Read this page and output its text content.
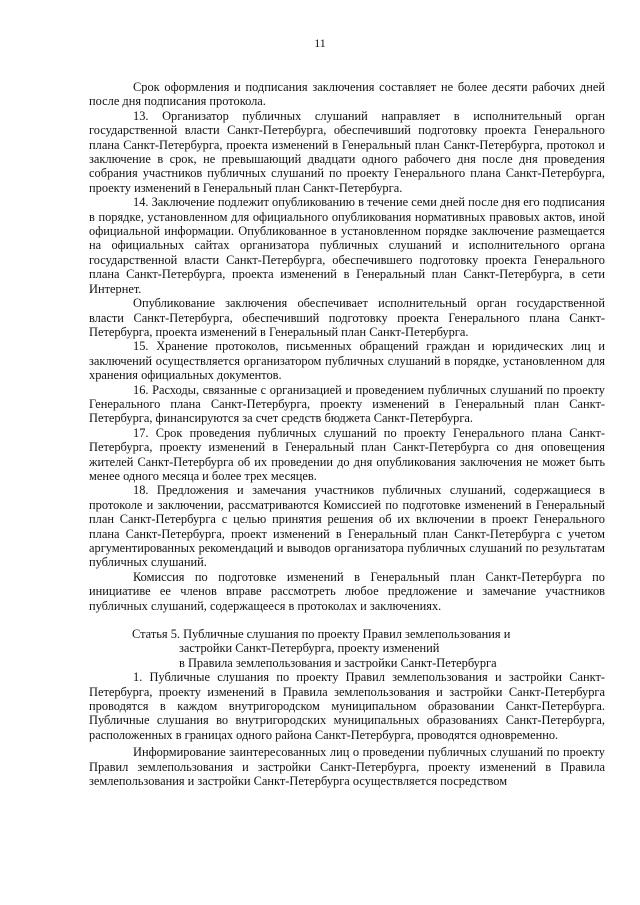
11

Срок оформления и подписания заключения составляет не более десяти рабочих дней после дня подписания протокола.

13. Организатор публичных слушаний направляет в исполнительный орган государственной власти Санкт-Петербурга, обеспечивший подготовку проекта Генерального плана Санкт-Петербурга, проекта изменений в Генеральный план Санкт-Петербурга, протокол и заключение в срок, не превышающий двадцати одного рабочего дня после дня проведения собрания участников публичных слушаний по проекту Генерального плана Санкт-Петербурга, проекту изменений в Генеральный план Санкт-Петербурга.

14. Заключение подлежит опубликованию в течение семи дней после дня его подписания в порядке, установленном для официального опубликования нормативных правовых актов, иной официальной информации. Опубликованное в установленном порядке заключение размещается на официальных сайтах организатора публичных слушаний и исполнительного органа государственной власти Санкт-Петербурга, обеспечившего подготовку проекта Генерального плана Санкт-Петербурга, проекта изменений в Генеральный план Санкт-Петербурга, в сети Интернет.

Опубликование заключения обеспечивает исполнительный орган государственной власти Санкт-Петербурга, обеспечивший подготовку проекта Генерального плана Санкт-Петербурга, проекта изменений в Генеральный план Санкт-Петербурга.

15. Хранение протоколов, письменных обращений граждан и юридических лиц и заключений осуществляется организатором публичных слушаний в порядке, установленном для хранения официальных документов.

16. Расходы, связанные с организацией и проведением публичных слушаний по проекту Генерального плана Санкт-Петербурга, проекту изменений в Генеральный план Санкт-Петербурга, финансируются за счет средств бюджета Санкт-Петербурга.

17. Срок проведения публичных слушаний по проекту Генерального плана Санкт-Петербурга, проекту изменений в Генеральный план Санкт-Петербурга со дня оповещения жителей Санкт-Петербурга об их проведении до дня опубликования заключения не может быть менее одного месяца и более трех месяцев.

18. Предложения и замечания участников публичных слушаний, содержащиеся в протоколе и заключении, рассматриваются Комиссией по подготовке изменений в Генеральный план Санкт-Петербурга с целью принятия решения об их включении в проект Генерального плана Санкт-Петербурга, проект изменений в Генеральный план Санкт-Петербурга с учетом аргументированных рекомендаций и выводов организатора публичных слушаний по результатам публичных слушаний.

Комиссия по подготовке изменений в Генеральный план Санкт-Петербурга по инициативе ее членов вправе рассмотреть любое предложение и замечание участников публичных слушаний, содержащееся в протоколах и заключениях.

Статья 5. Публичные слушания по проекту Правил землепользования и
застройки Санкт-Петербурга, проекту изменений
в Правила землепользования и застройки Санкт-Петербурга

1. Публичные слушания по проекту Правил землепользования и застройки Санкт-Петербурга, проекту изменений в Правила землепользования и застройки Санкт-Петербурга проводятся в каждом внутригородском муниципальном образовании Санкт-Петербурга. Публичные слушания во внутригородских муниципальных образованиях Санкт-Петербурга, расположенных в границах одного района Санкт-Петербурга, проводятся одновременно.

Информирование заинтересованных лиц о проведении публичных слушаний по проекту Правил землепользования и застройки Санкт-Петербурга, проекту изменений в Правила землепользования и застройки Санкт-Петербурга осуществляется посредством
